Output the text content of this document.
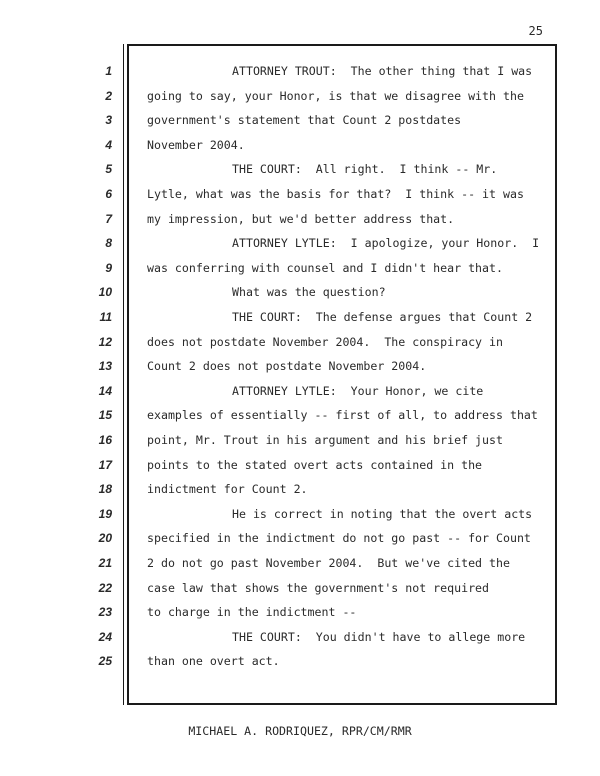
25
1	ATTORNEY TROUT:  The other thing that I was
2	going to say, your Honor, is that we disagree with the
3	government's statement that Count 2 postdates
4	November 2004.
5	THE COURT:  All right.  I think -- Mr.
6	Lytle, what was the basis for that?  I think -- it was
7	my impression, but we'd better address that.
8	ATTORNEY LYTLE:  I apologize, your Honor.  I
9	was conferring with counsel and I didn't hear that.
10	What was the question?
11	THE COURT:  The defense argues that Count 2
12	does not postdate November 2004.  The conspiracy in
13	Count 2 does not postdate November 2004.
14	ATTORNEY LYTLE:  Your Honor, we cite
15	examples of essentially -- first of all, to address that
16	point, Mr. Trout in his argument and his brief just
17	points to the stated overt acts contained in the
18	indictment for Count 2.
19	He is correct in noting that the overt acts
20	specified in the indictment do not go past -- for Count
21	2 do not go past November 2004.  But we've cited the
22	case law that shows the government's not required
23	to charge in the indictment --
24	THE COURT:  You didn't have to allege more
25	than one overt act.
MICHAEL A. RODRIQUEZ, RPR/CM/RMR
